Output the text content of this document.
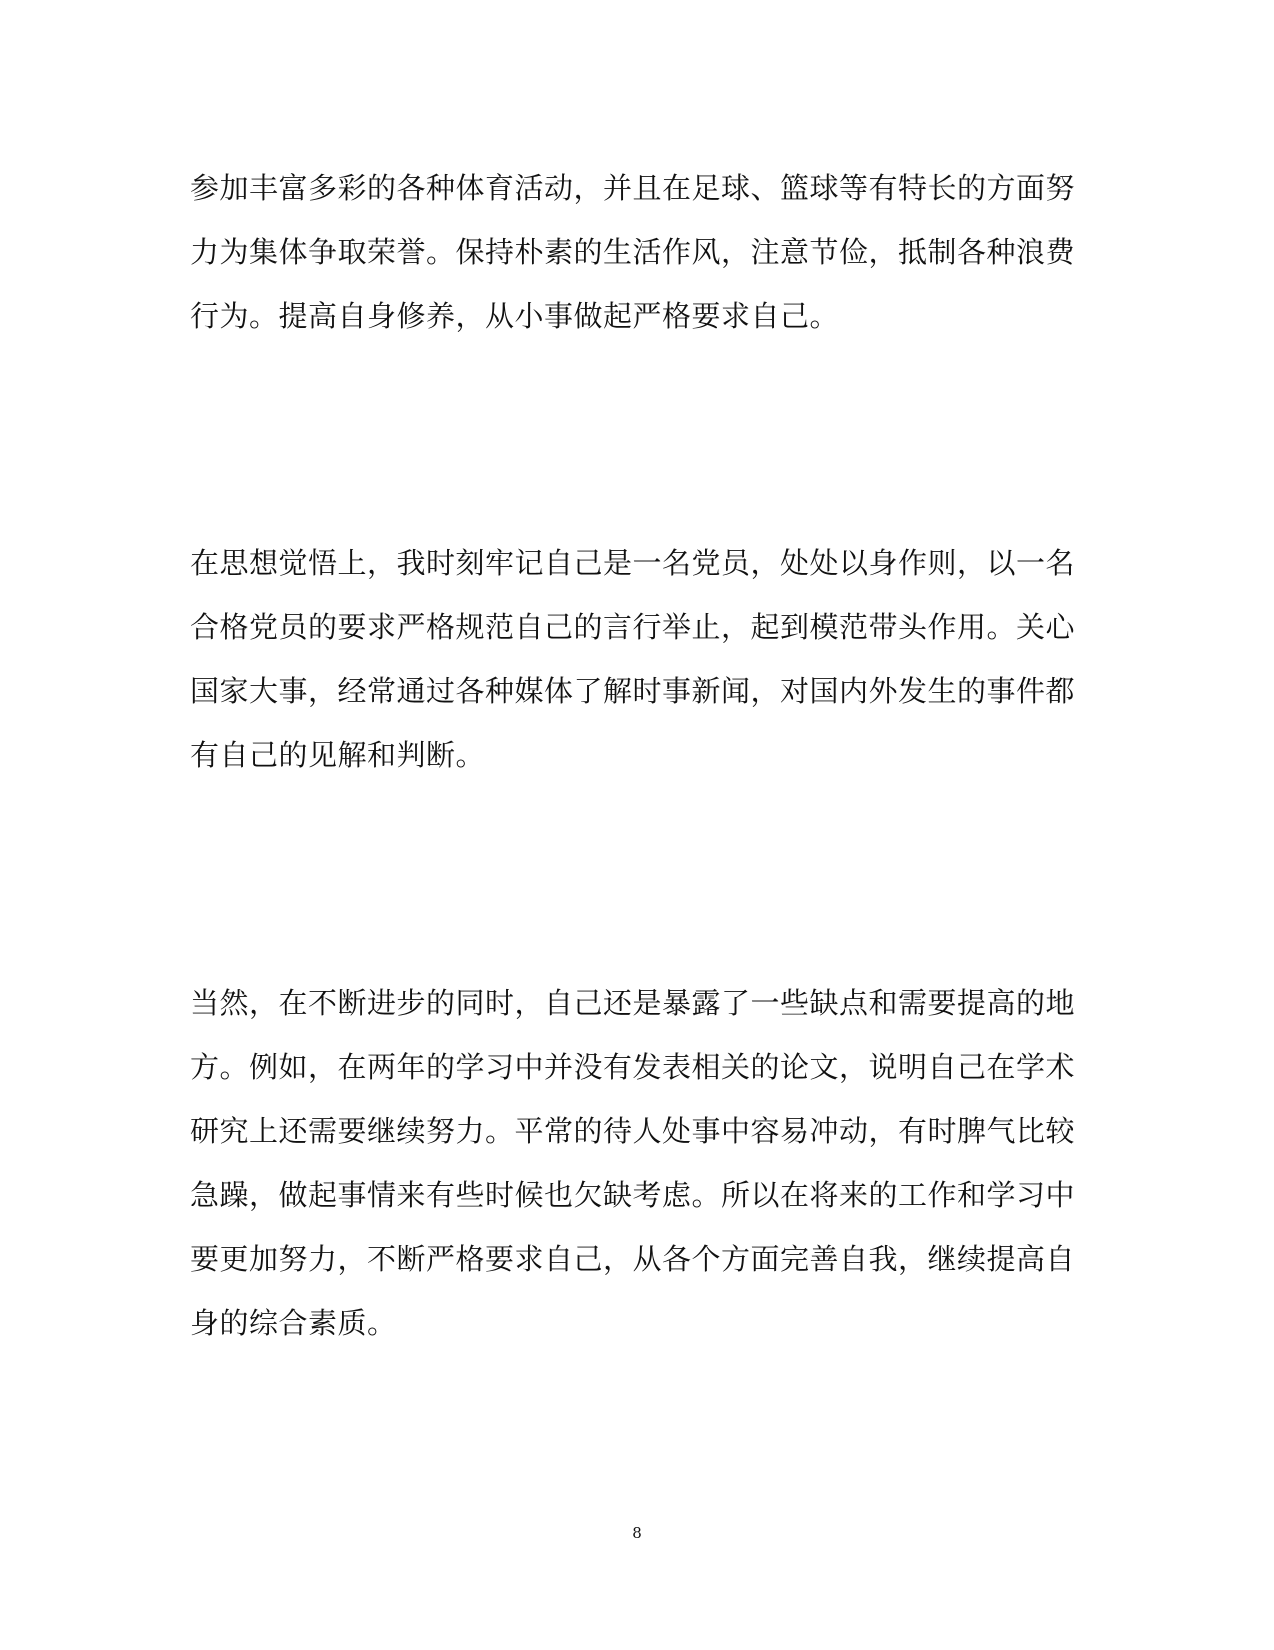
参加丰富多彩的各种体育活动，并且在足球、篮球等有特长的方面努
力为集体争取荣誉。保持朴素的生活作风，注意节俭，抵制各种浪费
行为。提高自身修养，从小事做起严格要求自己。
在思想觉悟上，我时刻牢记自己是一名党员，处处以身作则，以一名
合格党员的要求严格规范自己的言行举止，起到模范带头作用。关心
国家大事，经常通过各种媒体了解时事新闻，对国内外发生的事件都
有自己的见解和判断。
当然，在不断进步的同时，自己还是暴露了一些缺点和需要提高的地
方。例如，在两年的学习中并没有发表相关的论文，说明自己在学术
研究上还需要继续努力。平常的待人处事中容易冲动，有时脾气比较
急躁，做起事情来有些时候也欠缺考虑。所以在将来的工作和学习中
要更加努力，不断严格要求自己，从各个方面完善自我，继续提高自
身的综合素质。
8
